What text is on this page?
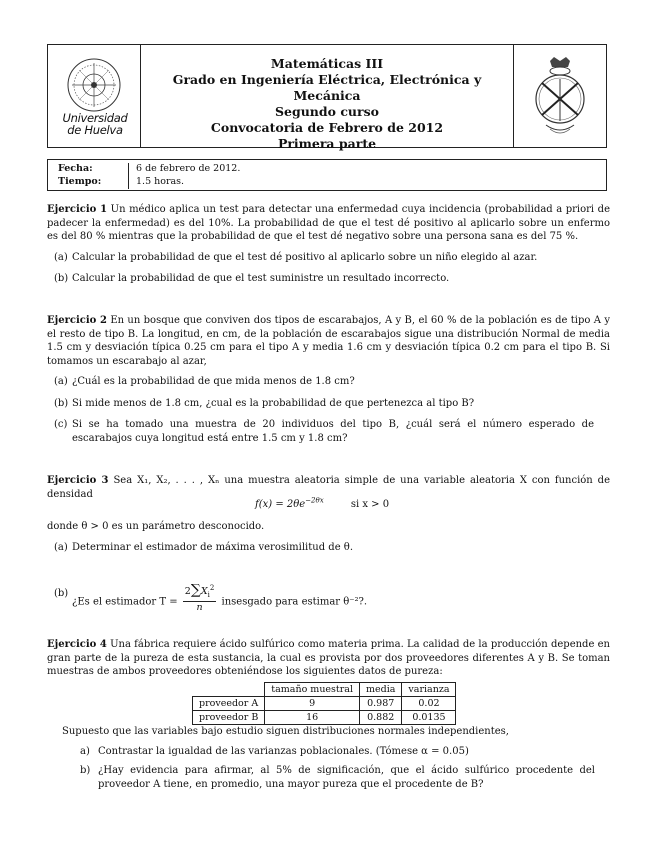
Universidad
de Huelva
Matemáticas III
Grado en Ingeniería Eléctrica, Electrónica y Mecánica
Segundo curso
Convocatoria de Febrero de 2012
Primera parte
Fecha:	6 de febrero de 2012.
Tiempo:	1.5 horas.
Ejercicio 1 Un médico aplica un test para detectar una enfermedad cuya incidencia (probabilidad a priori de padecer la enfermedad) es del 10%. La probabilidad de que el test dé positivo al aplicarlo sobre un enfermo es del 80 % mientras que la probabilidad de que el test dé negativo sobre una persona sana es del 75 %.
(a) Calcular la probabilidad de que el test dé positivo al aplicarlo sobre un niño elegido al azar.
(b) Calcular la probabilidad de que el test suministre un resultado incorrecto.
Ejercicio 2 En un bosque que conviven dos tipos de escarabajos, A y B, el 60 % de la población es de tipo A y el resto de tipo B. La longitud, en cm, de la población de escarabajos sigue una distribución Normal de media 1.5 cm y desviación típica 0.25 cm para el tipo A y media 1.6 cm y desviación típica 0.2 cm para el tipo B. Si tomamos un escarabajo al azar,
(a) ¿Cuál es la probabilidad de que mida menos de 1.8 cm?
(b) Si mide menos de 1.8 cm, ¿cual es la probabilidad de que pertenezca al tipo B?
(c) Si se ha tomado una muestra de 20 individuos del tipo B, ¿cuál será el número esperado de escarabajos cuya longitud está entre 1.5 cm y 1.8 cm?
Ejercicio 3 Sea X₁, X₂, . . . , Xₙ una muestra aleatoria simple de una variable aleatoria X con función de densidad
$f(x) = 2\theta e^{-2\theta x}$	si x > 0
donde θ > 0 es un parámetro desconocido.
(a) Determinar el estimador de máxima verosimilitud de θ.
(b)
¿Es el estimador $T = \frac{2\sum X_i^2}{n}$ insesgado para estimar θ⁻²?.
Ejercicio 4 Una fábrica requiere ácido sulfúrico como materia prima. La calidad de la producción depende en gran parte de la pureza de esta sustancia, la cual es provista por dos proveedores diferentes A y B. Se toman muestras de ambos proveedores obteniéndose los siguientes datos de pureza:
	tamaño muestral	media	varianza
proveedor A	9	0.987	0.02
proveedor B	16	0.882	0.0135
Supuesto que las variables bajo estudio siguen distribuciones normales independientes,
a) Contrastar la igualdad de las varianzas poblacionales. (Tómese α = 0.05)
b) ¿Hay evidencia para afirmar, al 5% de significación, que el ácido sulfúrico procedente del proveedor A tiene, en promedio, una mayor pureza que el procedente de B?
